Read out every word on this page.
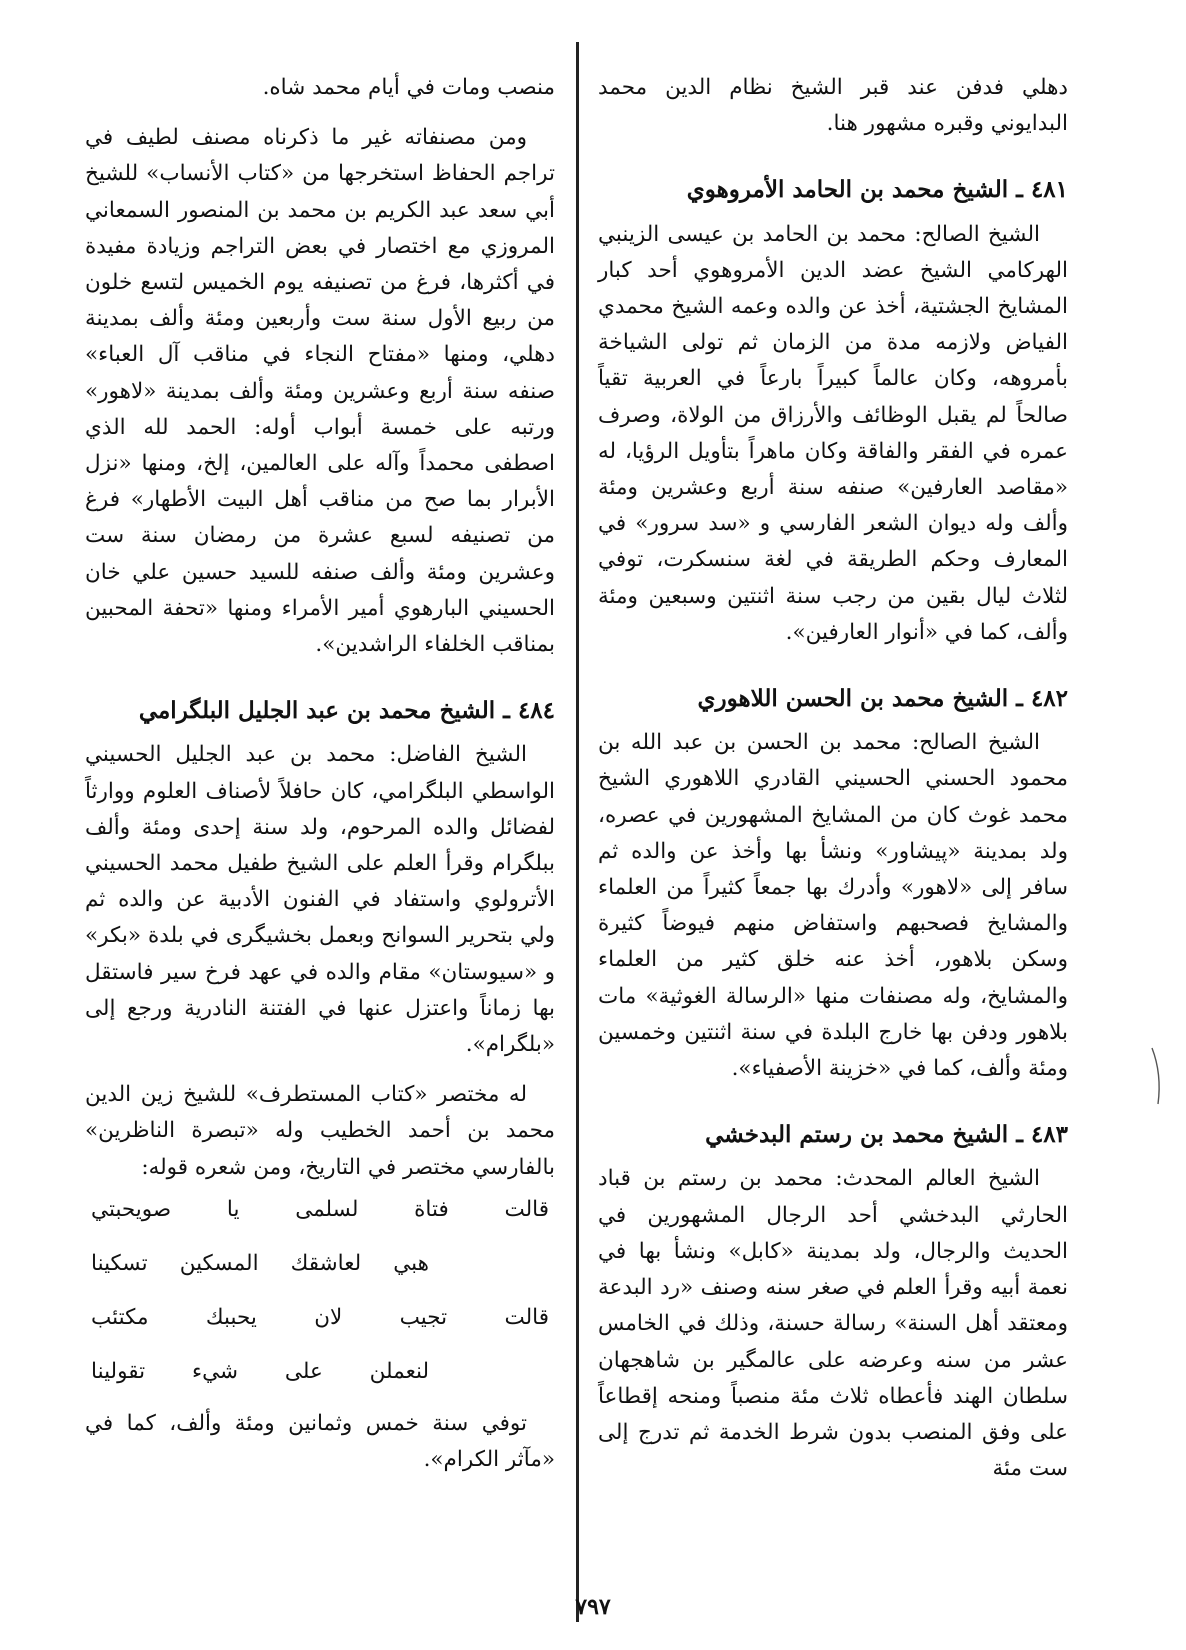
دهلي فدفن عند قبر الشيخ نظام الدين محمد البدايوني وقبره مشهور هنا.

٤٨١ ـ الشيخ محمد بن الحامد الأمروهوي

الشيخ الصالح: محمد بن الحامد بن عيسى الزينبي الهركامي الشيخ عضد الدين الأمروهوي أحد كبار المشايخ الجشتية، أخذ عن والده وعمه الشيخ محمدي الفياض ولازمه مدة من الزمان ثم تولى الشياخة بأمروهه، وكان عالماً كبيراً بارعاً في العربية تقياً صالحاً لم يقبل الوظائف والأرزاق من الولاة، وصرف عمره في الفقر والفاقة وكان ماهراً بتأويل الرؤيا، له «مقاصد العارفين» صنفه سنة أربع وعشرين ومئة وألف وله ديوان الشعر الفارسي و «سد سرور» في المعارف وحكم الطريقة في لغة سنسكرت، توفي لثلاث ليال بقين من رجب سنة اثنتين وسبعين ومئة وألف، كما في «أنوار العارفين».

٤٨٢ ـ الشيخ محمد بن الحسن اللاهوري

الشيخ الصالح: محمد بن الحسن بن عبد الله بن محمود الحسني الحسيني القادري اللاهوري الشيخ محمد غوث كان من المشايخ المشهورين في عصره، ولد بمدينة «پيشاور» ونشأ بها وأخذ عن والده ثم سافر إلى «لاهور» وأدرك بها جمعاً كثيراً من العلماء والمشايخ فصحبهم واستفاض منهم فيوضاً كثيرة وسكن بلاهور، أخذ عنه خلق كثير من العلماء والمشايخ، وله مصنفات منها «الرسالة الغوثية» مات بلاهور ودفن بها خارج البلدة في سنة اثنتين وخمسين ومئة وألف، كما في «خزينة الأصفياء».

٤٨٣ ـ الشيخ محمد بن رستم البدخشي

الشيخ العالم المحدث: محمد بن رستم بن قباد الحارثي البدخشي أحد الرجال المشهورين في الحديث والرجال، ولد بمدينة «كابل» ونشأ بها في نعمة أبيه وقرأ العلم في صغر سنه وصنف «رد البدعة ومعتقد أهل السنة» رسالة حسنة، وذلك في الخامس عشر من سنه وعرضه على عالمگير بن شاهجهان سلطان الهند فأعطاه ثلاث مئة منصباً ومنحه إقطاعاً على وفق المنصب بدون شرط الخدمة ثم تدرج إلى ست مئة

منصب ومات في أيام محمد شاه.

ومن مصنفاته غير ما ذكرناه مصنف لطيف في تراجم الحفاظ استخرجها من «كتاب الأنساب» للشيخ أبي سعد عبد الكريم بن محمد بن المنصور السمعاني المروزي مع اختصار في بعض التراجم وزيادة مفيدة في أكثرها، فرغ من تصنيفه يوم الخميس لتسع خلون من ربيع الأول سنة ست وأربعين ومئة وألف بمدينة دهلي، ومنها «مفتاح النجاء في مناقب آل العباء» صنفه سنة أربع وعشرين ومئة وألف بمدينة «لاهور» ورتبه على خمسة أبواب أوله: الحمد لله الذي اصطفى محمداً وآله على العالمين، إلخ، ومنها «نزل الأبرار بما صح من مناقب أهل البيت الأطهار» فرغ من تصنيفه لسبع عشرة من رمضان سنة ست وعشرين ومئة وألف صنفه للسيد حسين علي خان الحسيني البارهوي أمير الأمراء ومنها «تحفة المحبين بمناقب الخلفاء الراشدين».

٤٨٤ ـ الشيخ محمد بن عبد الجليل البلگرامي

الشيخ الفاضل: محمد بن عبد الجليل الحسيني الواسطي البلگرامي، كان حافلاً لأصناف العلوم ووارثاً لفضائل والده المرحوم، ولد سنة إحدى ومئة وألف ببلگرام وقرأ العلم على الشيخ طفيل محمد الحسيني الأترولوي واستفاد في الفنون الأدبية عن والده ثم ولي بتحرير السوانح وبعمل بخشيگرى في بلدة «بكر» و «سيوستان» مقام والده في عهد فرخ سير فاستقل بها زماناً واعتزل عنها في الفتنة النادرية ورجع إلى «بلگرام».

له مختصر «كتاب المستطرف» للشيخ زين الدين محمد بن أحمد الخطيب وله «تبصرة الناظرين» بالفارسي مختصر في التاريخ، ومن شعره قوله:

قالت
فتاة
لسلمى
يا
صويحبتي
هبي
لعاشقك
المسكين
تسكينا
قالت
تجيب
لان
يحببك
مكتئب
لنعملن
على
شيء
تقولينا

توفي سنة خمس وثمانين ومئة وألف، كما في «مآثر الكرام».

٧٩٧
